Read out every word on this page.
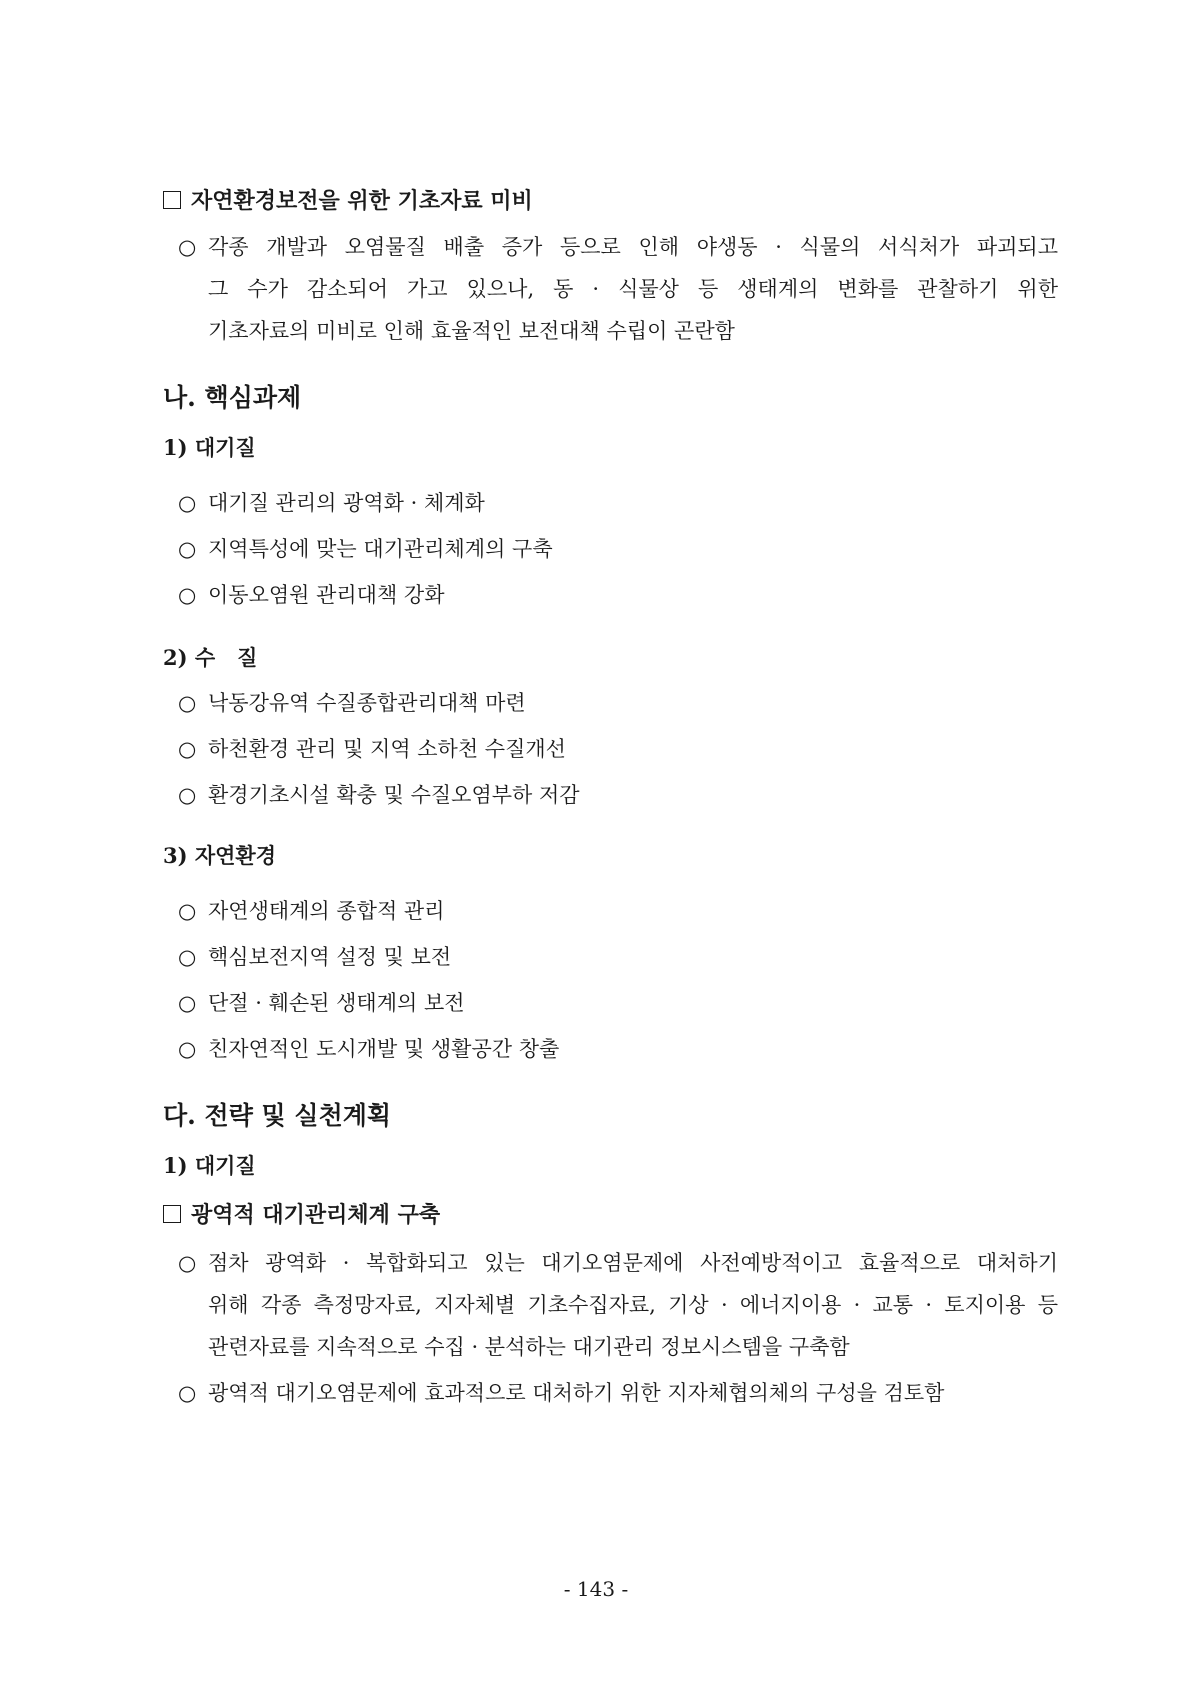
자연환경보전을 위한 기초자료 미비
○ 각종 개발과 오염물질 배출 증가 등으로 인해 야생동 · 식물의 서식처가 파괴되고
그 수가 감소되어 가고 있으나, 동 · 식물상 등 생태계의 변화를 관찰하기 위한
기초자료의 미비로 인해 효율적인 보전대책 수립이 곤란함
나. 핵심과제
1) 대기질
○ 대기질 관리의 광역화 · 체계화
○ 지역특성에 맞는 대기관리체계의 구축
○ 이동오염원 관리대책 강화
2) 수   질
○ 낙동강유역 수질종합관리대책 마련
○ 하천환경 관리 및 지역 소하천 수질개선
○ 환경기초시설 확충 및 수질오염부하 저감
3) 자연환경
○ 자연생태계의 종합적 관리
○ 핵심보전지역 설정 및 보전
○ 단절 · 훼손된 생태계의 보전
○ 친자연적인 도시개발 및 생활공간 창출
다. 전략 및 실천계획
1) 대기질
광역적 대기관리체계 구축
○ 점차 광역화 · 복합화되고 있는 대기오염문제에 사전예방적이고 효율적으로 대처하기
위해 각종 측정망자료, 지자체별 기초수집자료, 기상 · 에너지이용 · 교통 · 토지이용 등
관련자료를 지속적으로 수집 · 분석하는 대기관리 정보시스템을 구축함
○ 광역적 대기오염문제에 효과적으로 대처하기 위한 지자체협의체의 구성을 검토함
- 143 -
